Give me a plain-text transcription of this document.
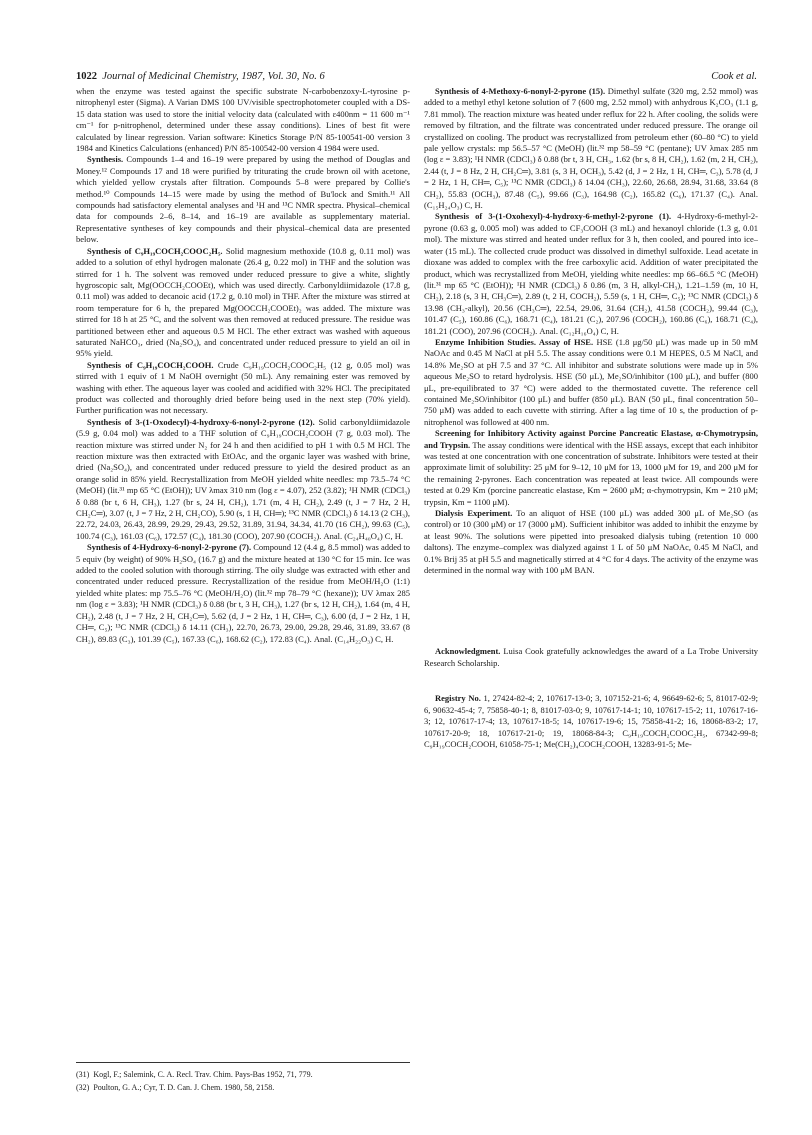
1022 Journal of Medicinal Chemistry, 1987, Vol. 30, No. 6	Cook et al.

when the enzyme was tested against the specific substrate N-carbobenzoxy-L-tyrosine p-nitrophenyl ester (Sigma). A Varian DMS 100 UV/visible spectrophotometer coupled with a DS-15 data station was used to store the initial velocity data (calculated with ε400nm = 11 600 m⁻¹ cm⁻¹ for p-nitrophenol, determined under these assay conditions). Lines of best fit were calculated by linear regression. Varian software: Kinetics Storage P/N 85-100541-00 version 3 1984 and Kinetics Calculations (enhanced) P/N 85-100542-00 version 4 1984 were used.

Synthesis. Compounds 1–4 and 16–19 were prepared by using the method of Douglas and Money.¹² Compounds 17 and 18 were purified by triturating the crude brown oil with acetone, which yielded yellow crystals after filtration. Compounds 5–8 were prepared by Collie's method.¹⁰ Compounds 14–15 were made by using the method of Bu'lock and Smith.¹¹ All compounds had satisfactory elemental analyses and ¹H and ¹³C NMR spectra. Physical–chemical data for compounds 2–6, 8–14, and 16–19 are available as supplementary material. Representative syntheses of key compounds and their physical–chemical data are presented below.

Synthesis of C₉H₁₉COCH₂COOC₂H₅. Solid magnesium methoxide (10.8 g, 0.11 mol) was added to a solution of ethyl hydrogen malonate (26.4 g, 0.22 mol) in THF and the solution was stirred for 1 h. The solvent was removed under reduced pressure to give a white, slightly hygroscopic salt, Mg(OOCCH₂COOEt), which was used directly. Carbonyldiimidazole (17.8 g, 0.11 mol) was added to decanoic acid (17.2 g, 0.10 mol) in THF. After the mixture was stirred at room temperature for 6 h, the prepared Mg(OOCCH₂COOEt)₂ was added. The mixture was stirred for 18 h at 25 °C, and the solvent was then removed at reduced pressure. The residue was partitioned between ether and aqueous 0.5 M HCl. The ether extract was washed with aqueous saturated NaHCO₃, dried (Na₂SO₄), and concentrated under reduced pressure to yield an oil in 95% yield.

Synthesis of C₉H₁₉COCH₂COOH. Crude C₉H₁₉COCH₂COOC₂H₅ (12 g, 0.05 mol) was stirred with 1 equiv of 1 M NaOH overnight (50 mL). Any remaining ester was removed by washing with ether. The aqueous layer was cooled and acidified with 32% HCl. The precipitated product was collected and thoroughly dried before being used in the next step (70% yield). Further purification was not necessary.

Synthesis of 3-(1-Oxodecyl)-4-hydroxy-6-nonyl-2-pyrone (12). Solid carbonyldiimidazole (5.9 g, 0.04 mol) was added to a THF solution of C₉H₁₉COCH₂COOH (7 g, 0.03 mol). The reaction mixture was stirred under N₂ for 24 h and then acidified to pH 1 with 0.5 M HCl. The reaction mixture was then extracted with EtOAc, and the organic layer was washed with brine, dried (Na₂SO₄), and concentrated under reduced pressure to yield the desired product as an orange solid in 85% yield. Recrystallization from MeOH yielded white needles: mp 73.5–74 °C (MeOH) (lit.³¹ mp 65 °C (EtOH)); UV λmax 310 nm (log ε = 4.07), 252 (3.82); ¹H NMR (CDCl₃) δ 0.88 (br t, 6 H, CH₃), 1.27 (br s, 24 H, CH₂), 1.71 (m, 4 H, CH₂), 2.49 (t, J = 7 Hz, 2 H, CH₂C═), 3.07 (t, J = 7 Hz, 2 H, CH₂CO), 5.90 (s, 1 H, CH═); ¹³C NMR (CDCl₃) δ 14.13 (2 CH₃), 22.72, 24.03, 26.43, 28.99, 29.29, 29.43, 29.52, 31.89, 31.94, 34.34, 41.70 (16 CH₂), 99.63 (C₅), 100.74 (C₃), 161.03 (C₆), 172.57 (C₄), 181.30 (COO), 207.90 (COCH₂). Anal. (C₂₄H₄₀O₄) C, H.

Synthesis of 4-Hydroxy-6-nonyl-2-pyrone (7). Compound 12 (4.4 g, 8.5 mmol) was added to 5 equiv (by weight) of 90% H₂SO₄ (16.7 g) and the mixture heated at 130 °C for 15 min. Ice was added to the cooled solution with thorough stirring. The oily sludge was extracted with ether and concentrated under reduced pressure. Recrystallization of the residue from MeOH/H₂O (1:1) yielded white plates: mp 75.5–76 °C (MeOH/H₂O) (lit.³² mp 78–79 °C (hexane)); UV λmax 285 nm (log ε = 3.83); ¹H NMR (CDCl₃) δ 0.88 (br t, 3 H, CH₃), 1.27 (br s, 12 H, CH₂), 1.64 (m, 4 H, CH₂), 2.48 (t, J = 7 Hz, 2 H, CH₂C═), 5.62 (d, J = 2 Hz, 1 H, CH═, C₃), 6.00 (d, J = 2 Hz, 1 H, CH═, C₅); ¹³C NMR (CDCl₃) δ 14.11 (CH₃), 22.70, 26.73, 29.00, 29.28, 29.46, 31.89, 33.67 (8 CH₂), 89.83 (C₃), 101.39 (C₅), 167.33 (C₆), 168.62 (C₂), 172.83 (C₄). Anal. (C₁₄H₂₂O₃) C, H.

(31) Kogl, F.; Salemink, C. A. Recl. Trav. Chim. Pays-Bas 1952, 71, 779.

(32) Poulton, G. A.; Cyr, T. D. Can. J. Chem. 1980, 58, 2158.

Synthesis of 4-Methoxy-6-nonyl-2-pyrone (15). Dimethyl sulfate (320 mg, 2.52 mmol) was added to a methyl ethyl ketone solution of 7 (600 mg, 2.52 mmol) with anhydrous K₂CO₃ (1.1 g, 7.81 mmol). The reaction mixture was heated under reflux for 22 h. After cooling, the solids were removed by filtration, and the filtrate was concentrated under reduced pressure. The orange oil crystallized on cooling. The product was recrystallized from petroleum ether (60–80 °C) to yield pale yellow crystals: mp 56.5–57 °C (MeOH) (lit.³² mp 58–59 °C (pentane); UV λmax 285 nm (log ε = 3.83); ¹H NMR (CDCl₃) δ 0.88 (br t, 3 H, CH₃, 1.62 (br s, 8 H, CH₂), 1.62 (m, 2 H, CH₂), 2.44 (t, J = 8 Hz, 2 H, CH₂C═), 3.81 (s, 3 H, OCH₃), 5.42 (d, J = 2 Hz, 1 H, CH═, C₃), 5.78 (d, J = 2 Hz, 1 H, CH═, C₅); ¹³C NMR (CDCl₃) δ 14.04 (CH₃), 22.60, 26.68, 28.94, 31.68, 33.64 (8 CH₂), 55.83 (OCH₃), 87.48 (C₅), 99.66 (C₃), 164.98 (C₂), 165.82 (C₆), 171.37 (C₄). Anal. (C₁₅H₂₄O₃) C, H.

Synthesis of 3-(1-Oxohexyl)-4-hydroxy-6-methyl-2-pyrone (1). 4-Hydroxy-6-methyl-2-pyrone (0.63 g, 0.005 mol) was added to CF₃COOH (3 mL) and hexanoyl chloride (1.3 g, 0.01 mol). The mixture was stirred and heated under reflux for 3 h, then cooled, and poured into ice–water (15 mL). The collected crude product was dissolved in dimethyl sulfoxide. Lead acetate in dioxane was added to complex with the free carboxylic acid. Addition of water precipitated the product, which was recrystallized from MeOH, yielding white needles: mp 66–66.5 °C (MeOH) (lit.³¹ mp 65 °C (EtOH)); ¹H NMR (CDCl₃) δ 0.86 (m, 3 H, alkyl-CH₃), 1.21–1.59 (m, 10 H, CH₂), 2.18 (s, 3 H, CH₃C═), 2.89 (t, 2 H, COCH₂), 5.59 (s, 1 H, CH═, C₅); ¹³C NMR (CDCl₃) δ 13.98 (CH₃-alkyl), 20.56 (CH₃C═), 22.54, 29.06, 31.64 (CH₂), 41.58 (COCH₂), 99.44 (C₃), 101.47 (C₅), 160.86 (C₆), 168.71 (C₄), 181.21 (C₂), 207.96 (COCH₂), 160.86 (C₆), 168.71 (C₄), 181.21 (COO), 207.96 (COCH₂). Anal. (C₁₂H₁₆O₄) C, H.

Enzyme Inhibition Studies. Assay of HSE. HSE (1.8 μg/50 μL) was made up in 50 mM NaOAc and 0.45 M NaCl at pH 5.5. The assay conditions were 0.1 M HEPES, 0.5 M NaCl, and 14.8% Me₂SO at pH 7.5 and 37 °C. All inhibitor and substrate solutions were made up in 5% aqueous Me₂SO to retard hydrolysis. HSE (50 μL), Me₂SO/inhibitor (100 μL), and buffer (800 μL, pre-equilibrated to 37 °C) were added to the thermostated cuvette. The reference cell contained Me₂SO/inhibitor (100 μL) and buffer (850 μL). BAN (50 μL, final concentration 50–750 μM) was added to each cuvette with stirring. After a lag time of 10 s, the production of p-nitrophenol was followed at 400 nm.

Screening for Inhibitory Activity against Porcine Pancreatic Elastase, α-Chymotrypsin, and Trypsin. The assay conditions were identical with the HSE assays, except that each inhibitor was tested at one concentration with one concentration of substrate. Inhibitors were tested at their approximate limit of solubility: 25 μM for 9–12, 10 μM for 13, 1000 μM for 19, and 200 μM for the remaining 2-pyrones. Each concentration was repeated at least twice. All compounds were tested at 0.29 Km (porcine pancreatic elastase, Km = 2600 μM; α-chymotrypsin, Km = 210 μM; trypsin, Km = 1100 μM).

Dialysis Experiment. To an aliquot of HSE (100 μL) was added 300 μL of Me₂SO (as control) or 10 (300 μM) or 17 (3000 μM). Sufficient inhibitor was added to inhibit the enzyme by at least 90%. The solutions were pipetted into presoaked dialysis tubing (retention 10 000 daltons). The enzyme–complex was dialyzed against 1 L of 50 μM NaOAc, 0.45 M NaCl, and 0.1% Brij 35 at pH 5.5 and magnetically stirred at 4 °C for 4 days. The activity of the enzyme was determined in the normal way with 100 μM BAN.

Acknowledgment. Luisa Cook gratefully acknowledges the award of a La Trobe University Research Scholarship.

Registry No. 1, 27424-82-4; 2, 107617-13-0; 3, 107152-21-6; 4, 96649-62-6; 5, 81017-02-9; 6, 90632-45-4; 7, 75858-40-1; 8, 81017-03-0; 9, 107617-14-1; 10, 107617-15-2; 11, 107617-16-3; 12, 107617-17-4; 13, 107617-18-5; 14, 107617-19-6; 15, 75858-41-2; 16, 18068-83-2; 17, 107617-20-9; 18, 107617-21-0; 19, 18068-84-3; C₉H₁₉COCH₂COOC₂H₅, 67342-99-8; C₉H₁₉COCH₂COOH, 61058-75-1; Me(CH₂)₄COCH₂COOH, 13283-91-5; Me-
